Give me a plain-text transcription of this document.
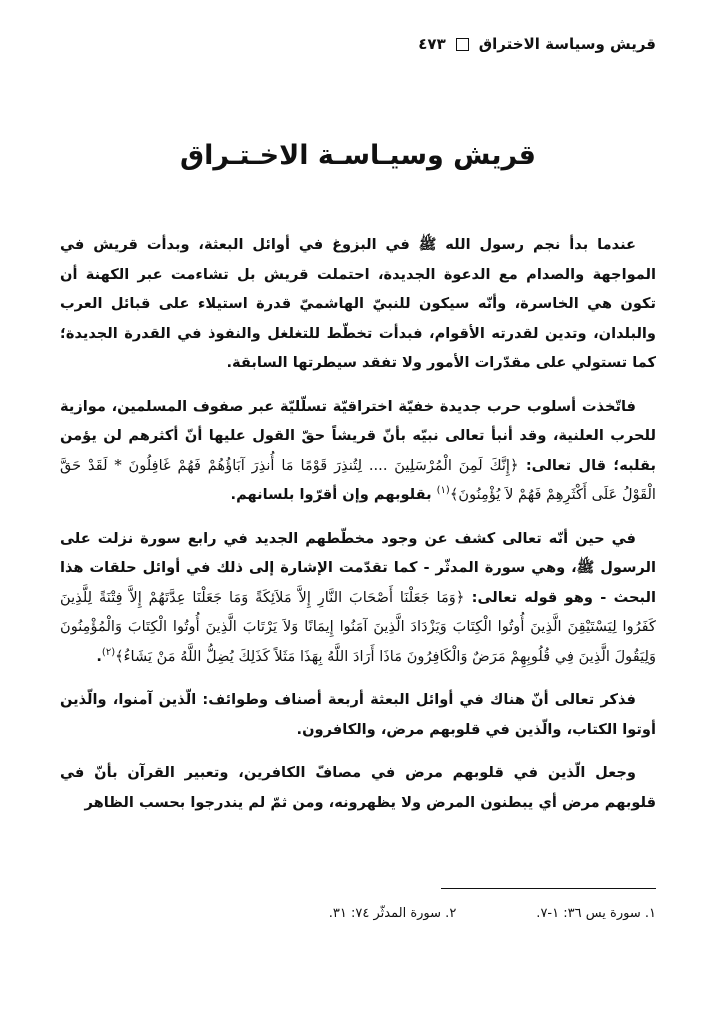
قريش وسياسة الاختراق
٤٧٣
قريش وسيـاسـة الاخـتـراق

عندما بدأ نجم رسول الله ﷺ في البزوغ في أوائل البعثة، وبدأت قريش في المواجهة والصدام مع الدعوة الجديدة، احتملت قريش بل تشاءمت عبر الكهنة أن تكون هي الخاسرة، وأنّه سيكون للنبيّ الهاشميّ قدرة استيلاء على قبائل العرب والبلدان، وتدين لقدرته الأقوام، فبدأت تخطّط للتغلغل والنفوذ في القدرة الجديدة؛ كما تستولي على مقدّرات الأمور ولا تفقد سيطرتها السابقة.

فاتّخذت أسلوب حرب جديدة خفيّة اختراقيّة تسلّليّة عبر صفوف المسلمين، موازية للحرب العلنية، وقد أنبأ تعالى نبيّه بأنّ قريشاً حقّ القول عليها أنّ أكثرهم لن يؤمن بقلبه؛ قال تعالى: ﴿إِنَّكَ لَمِنَ الْمُرْسَلِينَ .... لِتُنذِرَ قَوْمًا مَا أُنذِرَ آبَاؤُهُمْ فَهُمْ غَافِلُونَ * لَقَدْ حَقَّ الْقَوْلُ عَلَى أَكْثَرِهِمْ فَهُمْ لاَ يُؤْمِنُونَ﴾$^{(١)}$ بقلوبهم وإن أقرّوا بلسانهم.

في حين أنّه تعالى كشف عن وجود مخطّطهم الجديد في رابع سورة نزلت على الرسول ﷺ، وهي سورة المدثّر - كما تقدّمت الإشارة إلى ذلك في أوائل حلقات هذا البحث - وهو قوله تعالى: ﴿وَمَا جَعَلْنَا أَصْحَابَ النَّارِ إِلاَّ مَلاَئِكَةً وَمَا جَعَلْنَا عِدَّتَهُمْ إِلاَّ فِتْنَةً لِلَّذِينَ كَفَرُوا لِيَسْتَيْقِنَ الَّذِينَ أُوتُوا الْكِتَابَ وَيَزْدَادَ الَّذِينَ آمَنُوا إِيمَانًا وَلاَ يَرْتَابَ الَّذِينَ أُوتُوا الْكِتَابَ وَالْمُؤْمِنُونَ وَلِيَقُولَ الَّذِينَ فِي قُلُوبِهِمْ مَرَضٌ وَالْكَافِرُونَ مَاذَا أَرَادَ اللَّهُ بِهَذَا مَثَلاً كَذَلِكَ يُضِلُّ اللَّهُ مَنْ يَشَاءُ﴾$^{(٢)}$.

فذكر تعالى أنّ هناك في أوائل البعثة أربعة أصناف وطوائف: الّذين آمنوا، والّذين أوتوا الكتاب، والّذين في قلوبهم مرض، والكافرون.

وجعل الّذين في قلوبهم مرض في مصافّ الكافرين، وتعبير القرآن بأنّ في قلوبهم مرض أي يبطنون المرض ولا يظهرونه، ومن ثمّ لم يندرجوا بحسب الظاهر

١. سورة يس ٣٦: ١-٧.
٢. سورة المدثّر ٧٤: ٣١.
